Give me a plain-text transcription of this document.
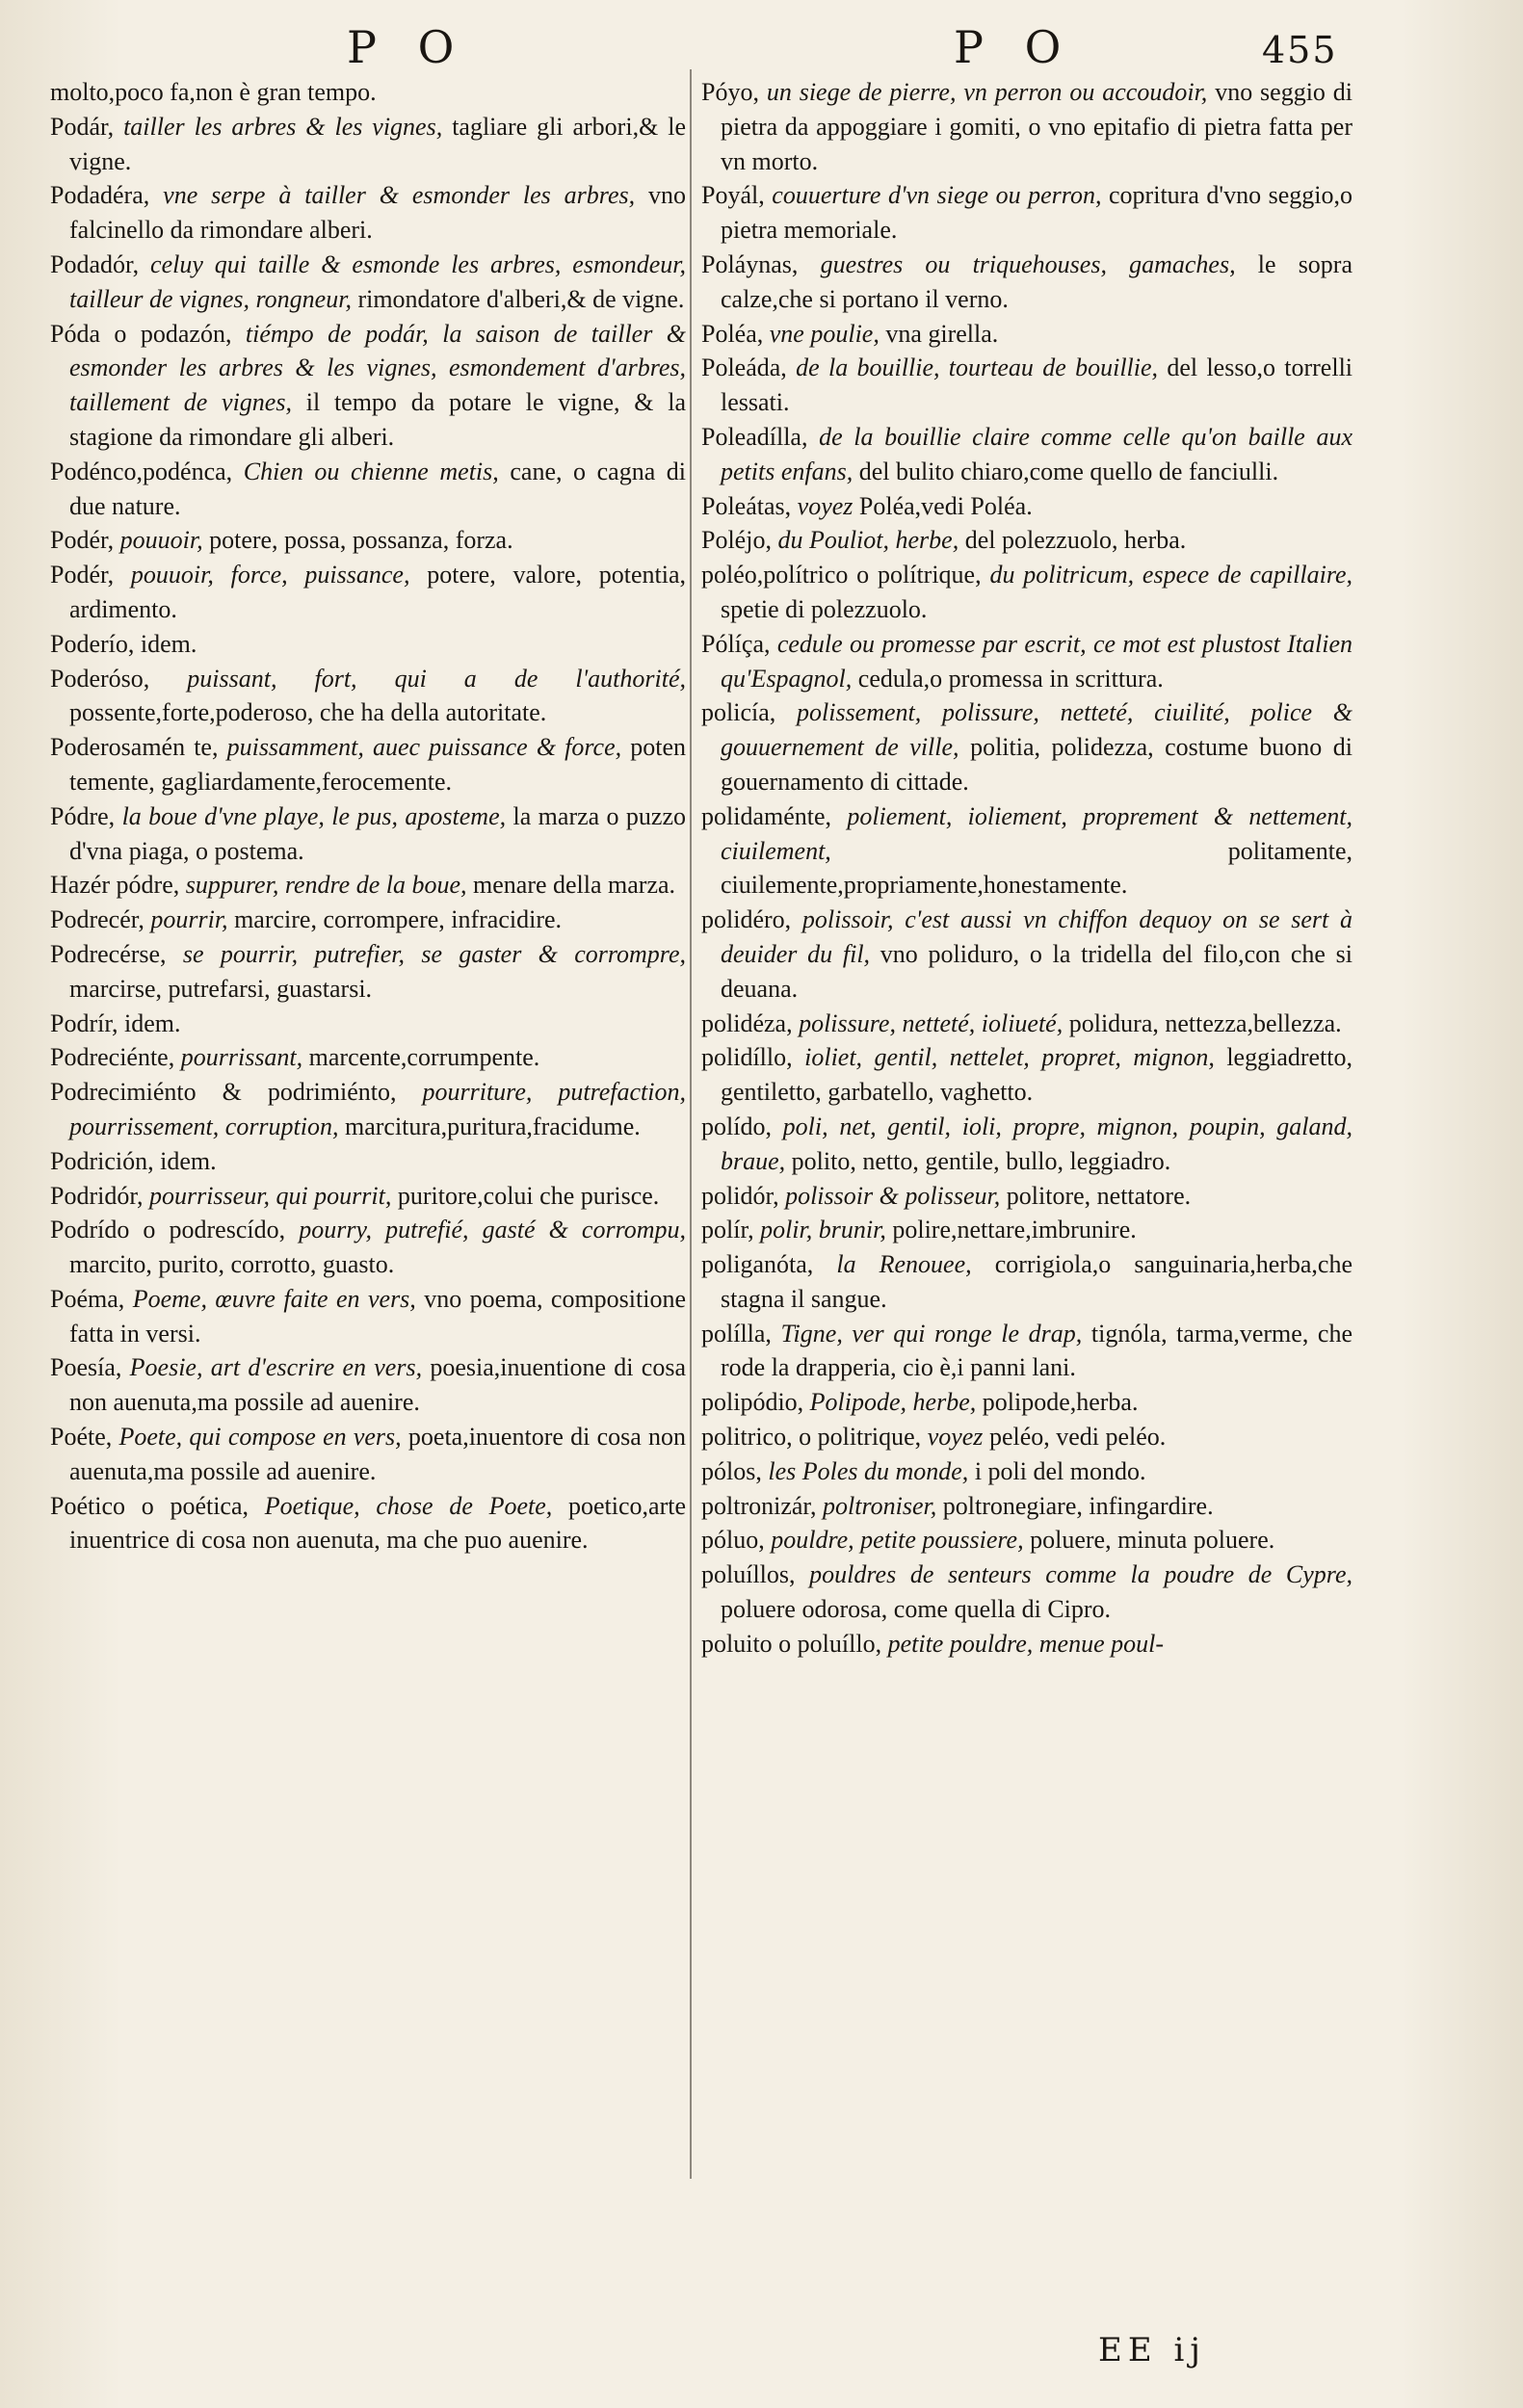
P O	P O	455

molto,poco fa,non è gran tempo.

Podár, tailler les arbres & les vignes, tagliare gli arbori,& le vigne.

Podadéra, vne serpe à tailler & esmonder les arbres, vno falcinello da rimondare alberi.

Podadór, celuy qui taille & esmonde les arbres, esmondeur, tailleur de vignes, rongneur, rimondatore d'alberi,& de vigne.

Póda o podazón, tiémpo de podár, la saison de tailler & esmonder les arbres & les vignes, esmondement d'arbres, taillement de vignes, il tempo da potare le vigne, & la stagione da rimondare gli alberi.

Podénco,podénca, Chien ou chienne metis, cane, o cagna di due nature.

Podér, pouuoir, potere, possa, possanza, forza.

Podér, pouuoir, force, puissance, potere, valore, potentia, ardimento.

Poderío, idem.

Poderóso, puissant, fort, qui a de l'authorité, possente,forte,poderoso, che ha della autoritate.

Poderosamén te, puissamment, auec puissance & force, poten temente, gagliardamente,ferocemente.

Pódre, la boue d'vne playe, le pus, aposteme, la marza o puzzo d'vna piaga, o postema.

Hazér pódre, suppurer, rendre de la boue, menare della marza.

Podrecér, pourrir, marcire, corrompere, infracidire.

Podrecérse, se pourrir, putrefier, se gaster & corrompre, marcirse, putrefarsi, guastarsi.

Podrír, idem.

Podreciénte, pourrissant, marcente,corrumpente.

Podrecimiénto & podrimiénto, pourriture, putrefaction, pourrissement, corruption, marcitura,puritura,fracidume.

Podrición, idem.

Podridór, pourrisseur, qui pourrit, puritore,colui che purisce.

Podrído o podrescído, pourry, putrefié, gasté & corrompu, marcito, purito, corrotto, guasto.

Poéma, Poeme, œuvre faite en vers, vno poema, compositione fatta in versi.

Poesía, Poesie, art d'escrire en vers, poesia,inuentione di cosa non auenuta,ma possile ad auenire.

Poéte, Poete, qui compose en vers, poeta,inuentore di cosa non auenuta,ma possile ad auenire.

Poético o poética, Poetique, chose de Poete, poetico,arte inuentrice di cosa non auenuta, ma che puo auenire.

Póyo, un siege de pierre, vn perron ou accoudoir, vno seggio di pietra da appoggiare i gomiti, o vno epitafio di pietra fatta per vn morto.

Poyál, couuerture d'vn siege ou perron, copritura d'vno seggio,o pietra memoriale.

Poláynas, guestres ou triquehouses, gamaches, le sopra calze,che si portano il verno.

Poléa, vne poulie, vna girella.

Poleáda, de la bouillie, tourteau de bouillie, del lesso,o torrelli lessati.

Poleadílla, de la bouillie claire comme celle qu'on baille aux petits enfans, del bulito chiaro,come quello de fanciulli.

Poleátas, voyez Poléa,vedi Poléa.

Poléjo, du Pouliot, herbe, del polezzuolo, herba.

poléo,polítrico o polítrique, du politricum, espece de capillaire, spetie di polezzuolo.

Pólíça, cedule ou promesse par escrit, ce mot est plustost Italien qu'Espagnol, cedula,o promessa in scrittura.

policía, polissement, polissure, netteté, ciuilité, police & gouuernement de ville, politia, polidezza, costume buono di gouernamento di cittade.

polidaménte, poliement, ioliement, proprement & nettement, ciuilement,	politamente, ciuilemente,propriamente,honestamente.

polidéro, polissoir, c'est aussi vn chiffon dequoy on se sert à deuider du fil, vno poliduro, o la tridella del filo,con che si deuana.

polidéza, polissure, netteté, ioliueté, polidura, nettezza,bellezza.

polidíllo, ioliet, gentil, nettelet, propret, mignon, leggiadretto, gentiletto, garbatello, vaghetto.

polído, poli, net, gentil, ioli, propre, mignon, poupin, galand, braue, polito, netto, gentile, bullo, leggiadro.

polidór, polissoir & polisseur, politore, nettatore.

polír, polir, brunir, polire,nettare,imbrunire.

poliganóta, la Renouee, corrigiola,o sanguinaria,herba,che stagna il sangue.

polílla, Tigne, ver qui ronge le drap, tignóla, tarma,verme, che rode la drapperia, cio è,i panni lani.

polipódio, Polipode, herbe, polipode,herba.

politrico, o politrique, voyez peléo, vedi peléo.

pólos, les Poles du monde, i poli del mondo.

poltronizár, poltroniser, poltronegiare, infingardire.

póluo, pouldre, petite poussiere, poluere, minuta poluere.

poluíllos, pouldres de senteurs comme la poudre de Cypre, poluere odorosa, come quella di Cipro.

poluito o poluíllo, petite pouldre, menue poul-

EE ij
